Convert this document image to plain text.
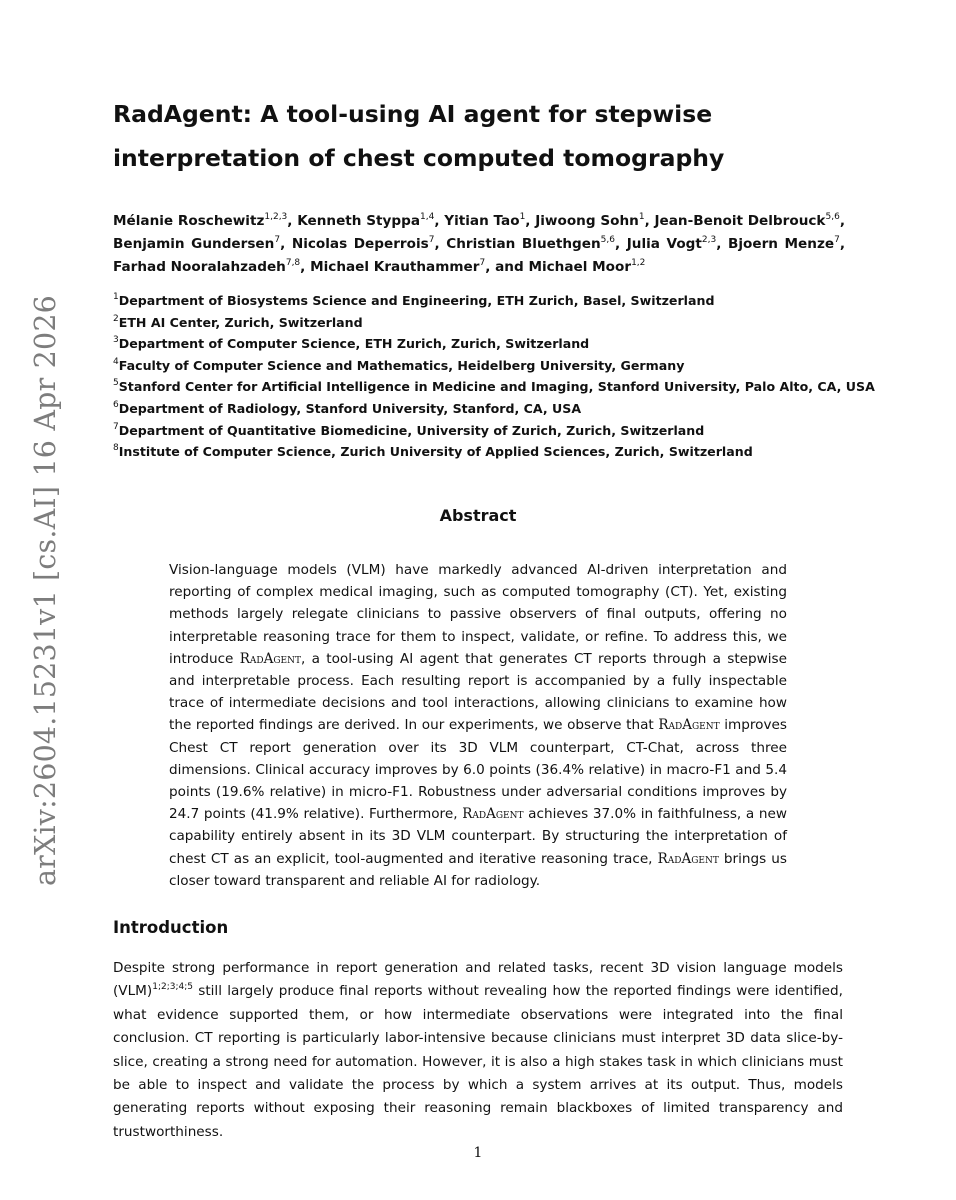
arXiv:2604.15231v1 [cs.AI] 16 Apr 2026
RadAgent: A tool-using AI agent for stepwise interpretation of chest computed tomography

Mélanie Roschewitz$^{1,2,3}$, Kenneth Styppa$^{1,4}$, Yitian Tao$^1$, Jiwoong Sohn$^1$, Jean-Benoit Delbrouck$^{5,6}$, Benjamin Gundersen$^7$, Nicolas Deperrois$^7$, Christian Bluethgen$^{5,6}$, Julia Vogt$^{2,3}$, Bjoern Menze$^7$, Farhad Nooralahzadeh$^{7,8}$, Michael Krauthammer$^7$, and Michael Moor$^{1,2}$

$^1$Department of Biosystems Science and Engineering, ETH Zurich, Basel, Switzerland
$^2$ETH AI Center, Zurich, Switzerland
$^3$Department of Computer Science, ETH Zurich, Zurich, Switzerland
$^4$Faculty of Computer Science and Mathematics, Heidelberg University, Germany
$^5$Stanford Center for Artificial Intelligence in Medicine and Imaging, Stanford University, Palo Alto, CA, USA
$^6$Department of Radiology, Stanford University, Stanford, CA, USA
$^7$Department of Quantitative Biomedicine, University of Zurich, Zurich, Switzerland
$^8$Institute of Computer Science, Zurich University of Applied Sciences, Zurich, Switzerland
Abstract

Vision-language models (VLM) have markedly advanced AI-driven interpretation and reporting of complex medical imaging, such as computed tomography (CT). Yet, existing methods largely relegate clinicians to passive observers of final outputs, offering no interpretable reasoning trace for them to inspect, validate, or refine. To address this, we introduce RadAgent, a tool-using AI agent that generates CT reports through a stepwise and interpretable process. Each resulting report is accompanied by a fully inspectable trace of intermediate decisions and tool interactions, allowing clinicians to examine how the reported findings are derived. In our experiments, we observe that RadAgent improves Chest CT report generation over its 3D VLM counterpart, CT-Chat, across three dimensions. Clinical accuracy improves by 6.0 points (36.4% relative) in macro-F1 and 5.4 points (19.6% relative) in micro-F1. Robustness under adversarial conditions improves by 24.7 points (41.9% relative). Furthermore, RadAgent achieves 37.0% in faithfulness, a new capability entirely absent in its 3D VLM counterpart. By structuring the interpretation of chest CT as an explicit, tool-augmented and iterative reasoning trace, RadAgent brings us closer toward transparent and reliable AI for radiology.

Introduction

Despite strong performance in report generation and related tasks, recent 3D vision language models (VLM)$^{1;2;3;4;5}$ still largely produce final reports without revealing how the reported findings were identified, what evidence supported them, or how intermediate observations were integrated into the final conclusion. CT reporting is particularly labor-intensive because clinicians must interpret 3D data slice-by-slice, creating a strong need for automation. However, it is also a high stakes task in which clinicians must be able to inspect and validate the process by which a system arrives at its output. Thus, models generating reports without exposing their reasoning remain blackboxes of limited transparency and trustworthiness.

1
